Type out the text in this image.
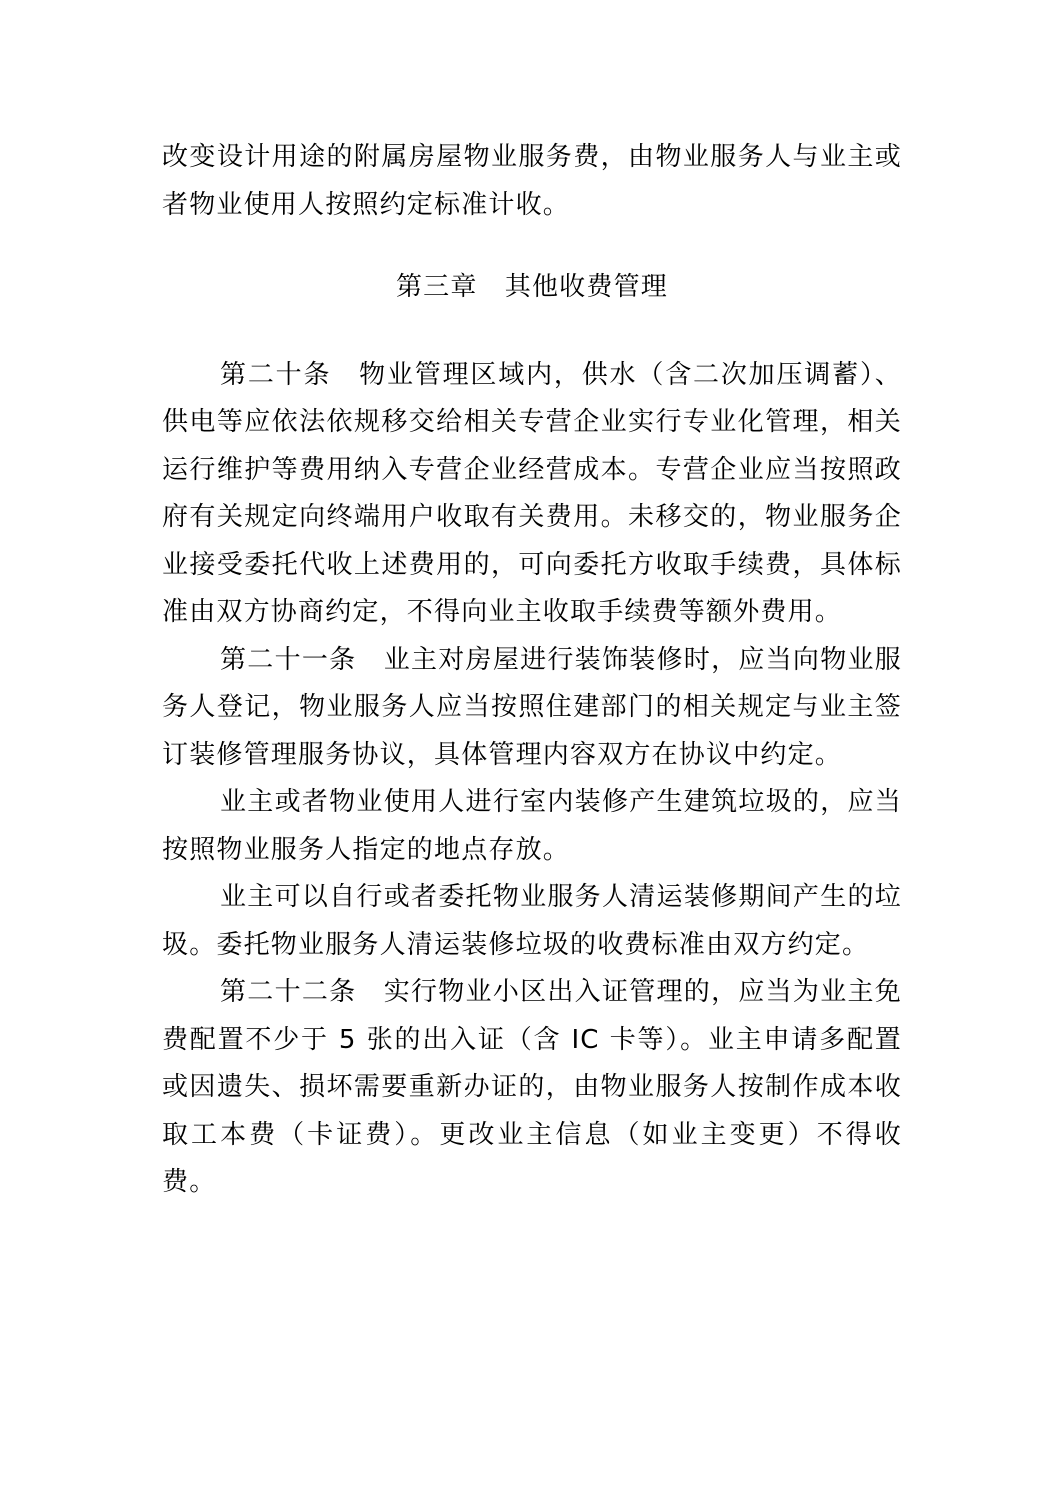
改变设计用途的附属房屋物业服务费，由物业服务人与业主或者物业使用人按照约定标准计收。

第三章　其他收费管理

第二十条　物业管理区域内，供水（含二次加压调蓄）、供电等应依法依规移交给相关专营企业实行专业化管理，相关运行维护等费用纳入专营企业经营成本。专营企业应当按照政府有关规定向终端用户收取有关费用。未移交的，物业服务企业接受委托代收上述费用的，可向委托方收取手续费，具体标准由双方协商约定，不得向业主收取手续费等额外费用。

第二十一条　业主对房屋进行装饰装修时，应当向物业服务人登记，物业服务人应当按照住建部门的相关规定与业主签订装修管理服务协议，具体管理内容双方在协议中约定。

业主或者物业使用人进行室内装修产生建筑垃圾的，应当按照物业服务人指定的地点存放。

业主可以自行或者委托物业服务人清运装修期间产生的垃圾。委托物业服务人清运装修垃圾的收费标准由双方约定。

第二十二条　实行物业小区出入证管理的，应当为业主免费配置不少于 5 张的出入证（含 IC 卡等）。业主申请多配置或因遗失、损坏需要重新办证的，由物业服务人按制作成本收取工本费（卡证费）。更改业主信息（如业主变更）不得收费。
